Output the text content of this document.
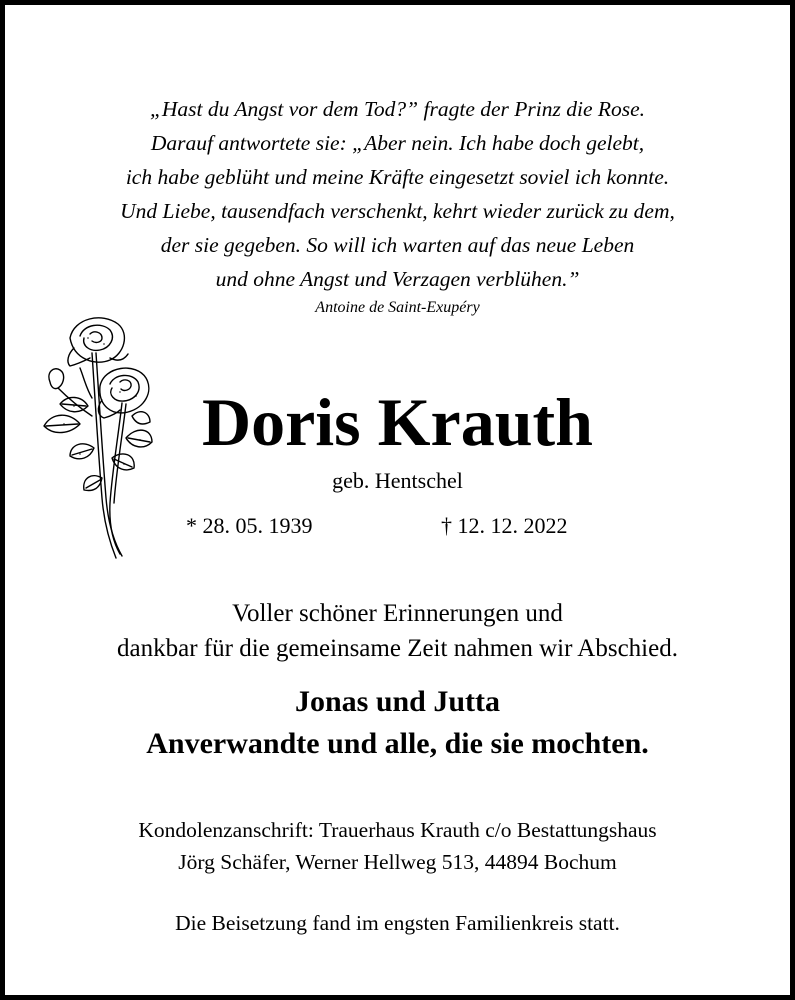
„Hast du Angst vor dem Tod?” fragte der Prinz die Rose.
Darauf antwortete sie: „Aber nein. Ich habe doch gelebt,
ich habe geblüht und meine Kräfte eingesetzt soviel ich konnte.
Und Liebe, tausendfach verschenkt, kehrt wieder zurück zu dem,
der sie gegeben. So will ich warten auf das neue Leben
und ohne Angst und Verzagen verblühen.”
Antoine de Saint-Exupéry
Doris Krauth
geb. Hentschel
* 28. 05. 1939	† 12. 12. 2022
Voller schöner Erinnerungen und
dankbar für die gemeinsame Zeit nahmen wir Abschied.
Jonas und Jutta
Anverwandte und alle, die sie mochten.
Kondolenzanschrift: Trauerhaus Krauth c/o Bestattungshaus
Jörg Schäfer, Werner Hellweg 513, 44894 Bochum
Die Beisetzung fand im engsten Familienkreis statt.
